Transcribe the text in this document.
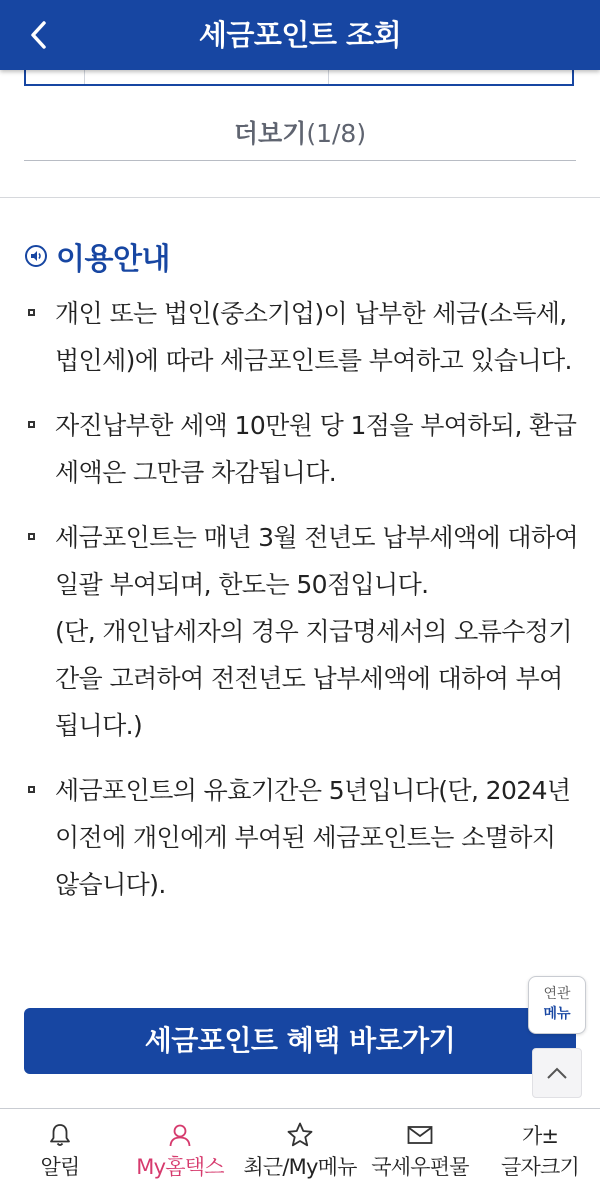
세금포인트 조회
더보기(1/8)
이용안내
개인 또는 법인(중소기업)이 납부한 세금(소득세, 법인세)에 따라 세금포인트를 부여하고 있습니다.
자진납부한 세액 10만원 당 1점을 부여하되, 환급세액은 그만큼 차감됩니다.
세금포인트는 매년 3월 전년도 납부세액에 대하여 일괄 부여되며, 한도는 50점입니다.
(단, 개인납세자의 경우 지급명세서의 오류수정기간을 고려하여 전전년도 납부세액에 대하여 부여됩니다.)
세금포인트의 유효기간은 5년입니다(단, 2024년 이전에 개인에게 부여된 세금포인트는 소멸하지 않습니다).
세금포인트 혜택 바로가기
연관
메뉴
알림	My홈택스 최근/My메뉴 국세우편물
가±
글자크기
